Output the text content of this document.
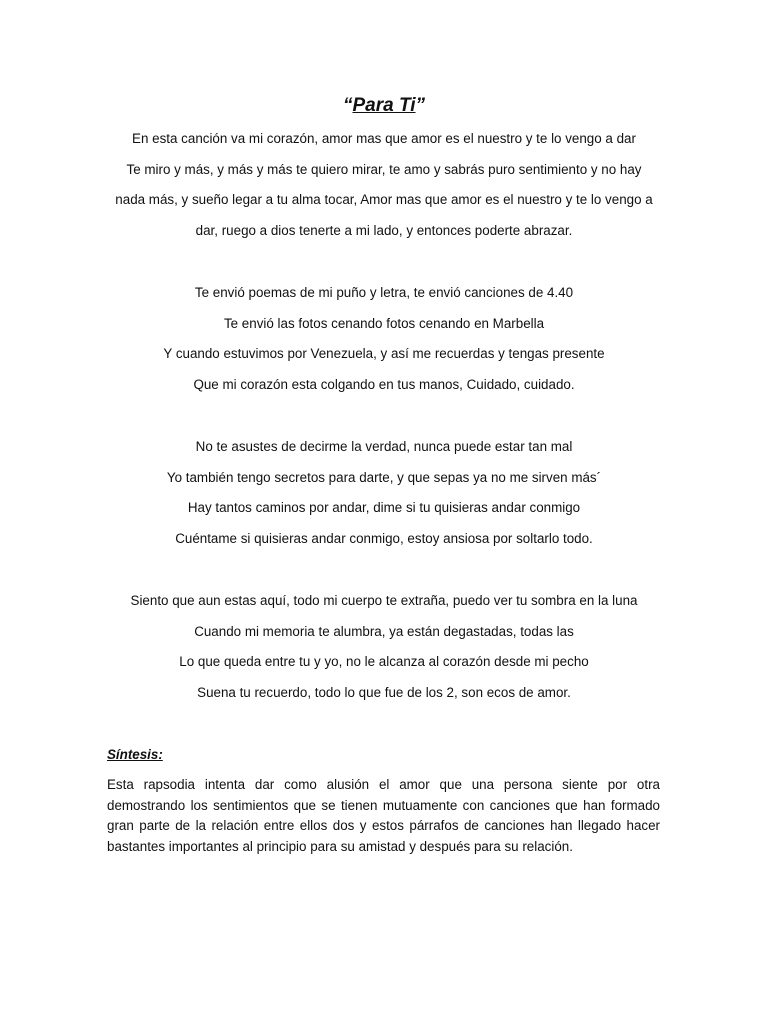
“Para Ti”
En esta canción va mi corazón, amor mas que amor es el nuestro y te lo vengo a dar
Te miro y más, y más y más te quiero mirar, te amo y sabrás puro sentimiento y no hay
nada más, y sueño legar a tu alma tocar, Amor mas que amor es el nuestro y te lo vengo a
dar, ruego a dios tenerte a mi lado, y entonces poderte abrazar.
Te envió poemas de mi puño y letra, te envió canciones de 4.40
Te envió las fotos cenando fotos cenando en Marbella
Y cuando estuvimos por Venezuela, y así me recuerdas y tengas presente
Que mi corazón esta colgando en tus manos, Cuidado, cuidado.
No te asustes de decirme la verdad, nunca puede estar tan mal
Yo también tengo secretos para darte, y que sepas ya no me sirven más´
Hay tantos caminos por andar, dime si tu quisieras andar conmigo
Cuéntame si quisieras andar conmigo, estoy ansiosa por soltarlo todo.
Siento que aun estas aquí, todo mi cuerpo te extraña, puedo ver tu sombra en la luna
Cuando mi memoria te alumbra, ya están degastadas, todas las
Lo que queda entre tu y yo, no le alcanza al corazón desde mi pecho
Suena tu recuerdo, todo lo que fue de los 2, son ecos de amor.
Síntesis:
Esta rapsodia intenta dar como alusión el amor que una persona siente por otra demostrando los sentimientos que se tienen mutuamente con canciones que han formado gran parte de la relación entre ellos dos y estos párrafos de canciones han llegado hacer bastantes importantes al principio para su amistad y después para su relación.
